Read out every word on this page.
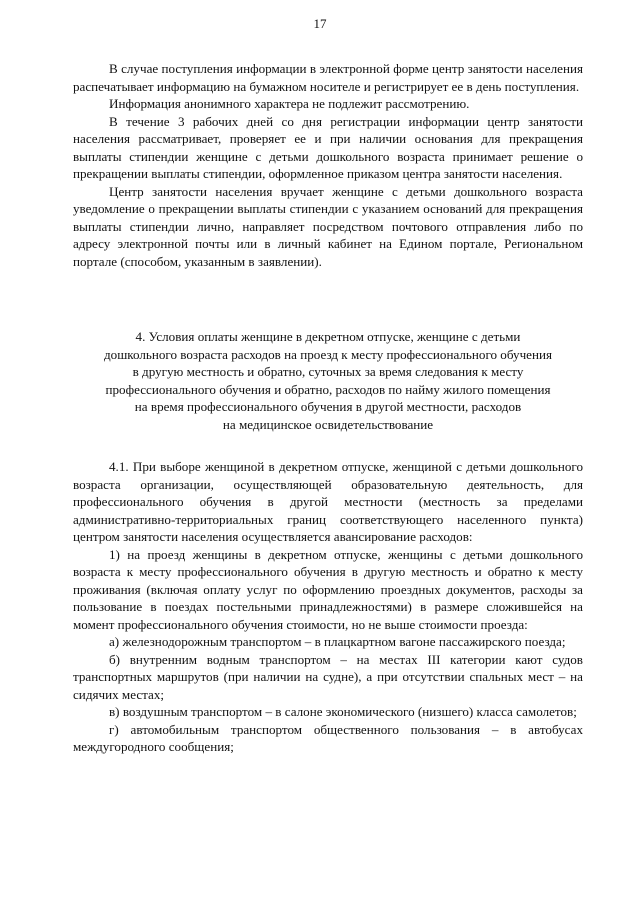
17

В случае поступления информации в электронной форме центр занятости населения распечатывает информацию на бумажном носителе и регистрирует ее в день поступления.

Информация анонимного характера не подлежит рассмотрению.

В течение 3 рабочих дней со дня регистрации информации центр занятости населения рассматривает, проверяет ее и при наличии основания для прекращения выплаты стипендии женщине с детьми дошкольного возраста принимает решение о прекращении выплаты стипендии, оформленное приказом центра занятости населения.

Центр занятости населения вручает женщине с детьми дошкольного возраста уведомление о прекращении выплаты стипендии с указанием оснований для прекращения выплаты стипендии лично, направляет посредством почтового отправления либо по адресу электронной почты или в личный кабинет на Едином портале, Региональном портале (способом, указанным в заявлении).

4. Условия оплаты женщине в декретном отпуске, женщине с детьми

дошкольного возраста расходов на проезд к месту профессионального обучения

в другую местность и обратно, суточных за время следования к месту

профессионального обучения и обратно, расходов по найму жилого помещения

на время профессионального обучения в другой местности, расходов

на медицинское освидетельствование

4.1. При выборе женщиной в декретном отпуске, женщиной с детьми дошкольного возраста организации, осуществляющей образовательную деятельность, для профессионального обучения в другой местности (местность за пределами административно-территориальных границ соответствующего населенного пункта) центром занятости населения осуществляется авансирование расходов:

1) на проезд женщины в декретном отпуске, женщины с детьми дошкольного возраста к месту профессионального обучения в другую местность и обратно к месту проживания (включая оплату услуг по оформлению проездных документов, расходы за пользование в поездах постельными принадлежностями) в размере сложившейся на момент профессионального обучения стоимости, но не выше стоимости проезда:

а) железнодорожным транспортом – в плацкартном вагоне пассажирского поезда;

б) внутренним водным транспортом – на местах III категории кают судов транспортных маршрутов (при наличии на судне), а при отсутствии спальных мест – на сидячих местах;

в) воздушным транспортом – в салоне экономического (низшего) класса самолетов;

г) автомобильным транспортом общественного пользования – в автобусах междугородного сообщения;
